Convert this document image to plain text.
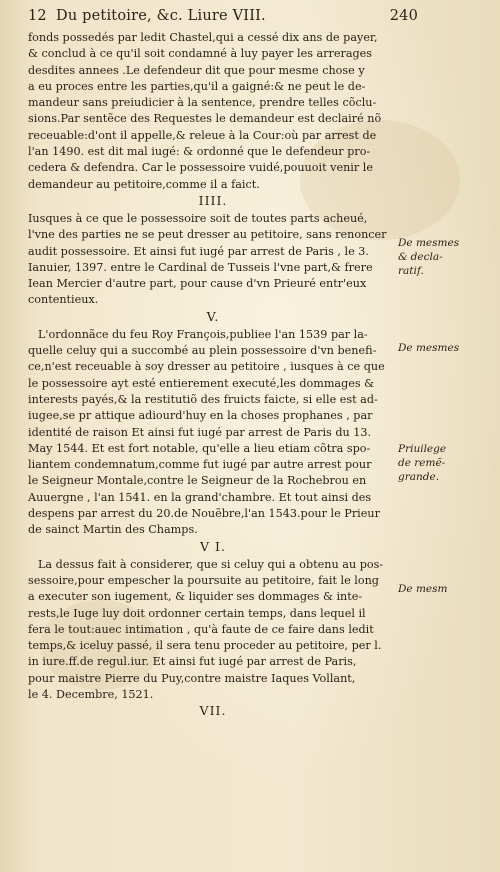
12 Du petitoire, &c. Liure VIII.	240
fonds possedés par ledit Chastel,qui a cessé dix ans de payer,
& conclud à ce qu'il soit condamné à luy payer les arrerages
desdites annees .Le defendeur dit que pour mesme chose y
a eu proces entre les parties,qu'il a gaigné:& ne peut le de-
mandeur sans preiudicier à la sentence, prendre telles cõclu-
sions.Par sentẽce des Requestes le demandeur est declairé nõ
receuable:d'ont il appelle,& releue à la Cour:où par arrest de
l'an 1490. est dit mal iugé: & ordonné que le defendeur pro-
cedera & defendra. Car le possessoire vuidé,pouuoit venir le
demandeur au petitoire,comme il a faict.
IIII.
Iusques à ce que le possessoire soit de toutes parts acheué,
l'vne des parties ne se peut dresser au petitoire, sans renoncer
audit possessoire. Et ainsi fut iugé par arrest de Paris , le 3.
Ianuier, 1397. entre le Cardinal de Tusseis l'vne part,& frere
Iean Mercier d'autre part, pour cause d'vn Prieuré entr'eux
contentieux.
V.
L'ordonnãce du feu Roy François,publiee l'an 1539 par la-
quelle celuy qui a succombé au plein possessoire d'vn benefi-
ce,n'est receuable à soy dresser au petitoire , iusques à ce que
le possessoire ayt esté entierement executé,les dommages &
interests payés,& la restitutiõ des fruicts faicte, si elle est ad-
iugee,se pr attique adiourd'huy en la choses prophanes , par
identité de raison Et ainsi fut iugé par arrest de Paris du 13.
May 1544. Et est fort notable, qu'elle a lieu etiam cõtra spo-
liantem condemnatum,comme fut iugé par autre arrest pour
le Seigneur Montale,contre le Seigneur de la Rochebrou en
Auuergne , l'an 1541. en la grand'chambre. Et tout ainsi des
despens par arrest du 20.de Nouẽbre,l'an 1543.pour le Prieur
de sainct Martin des Champs.
V I.
La dessus fait à considerer, que si celuy qui a obtenu au pos-
sessoire,pour empescher la poursuite au petitoire, fait le long
a executer son iugement, & liquider ses dommages & inte-
rests,le Iuge luy doit ordonner certain temps, dans lequel il
fera le tout:auec intimation , qu'à faute de ce faire dans ledit
temps,& iceluy passé, il sera tenu proceder au petitoire, per l.
in iure.ff.de regul.iur. Et ainsi fut iugé par arrest de Paris,
pour maistre Pierre du Puy,contre maistre Iaques Vollant,
le 4. Decembre, 1521.
VII.
De mesmes
& decla-
ratif.
De mesmes
Priuilege
de remẽ-
grande.
De mesm
